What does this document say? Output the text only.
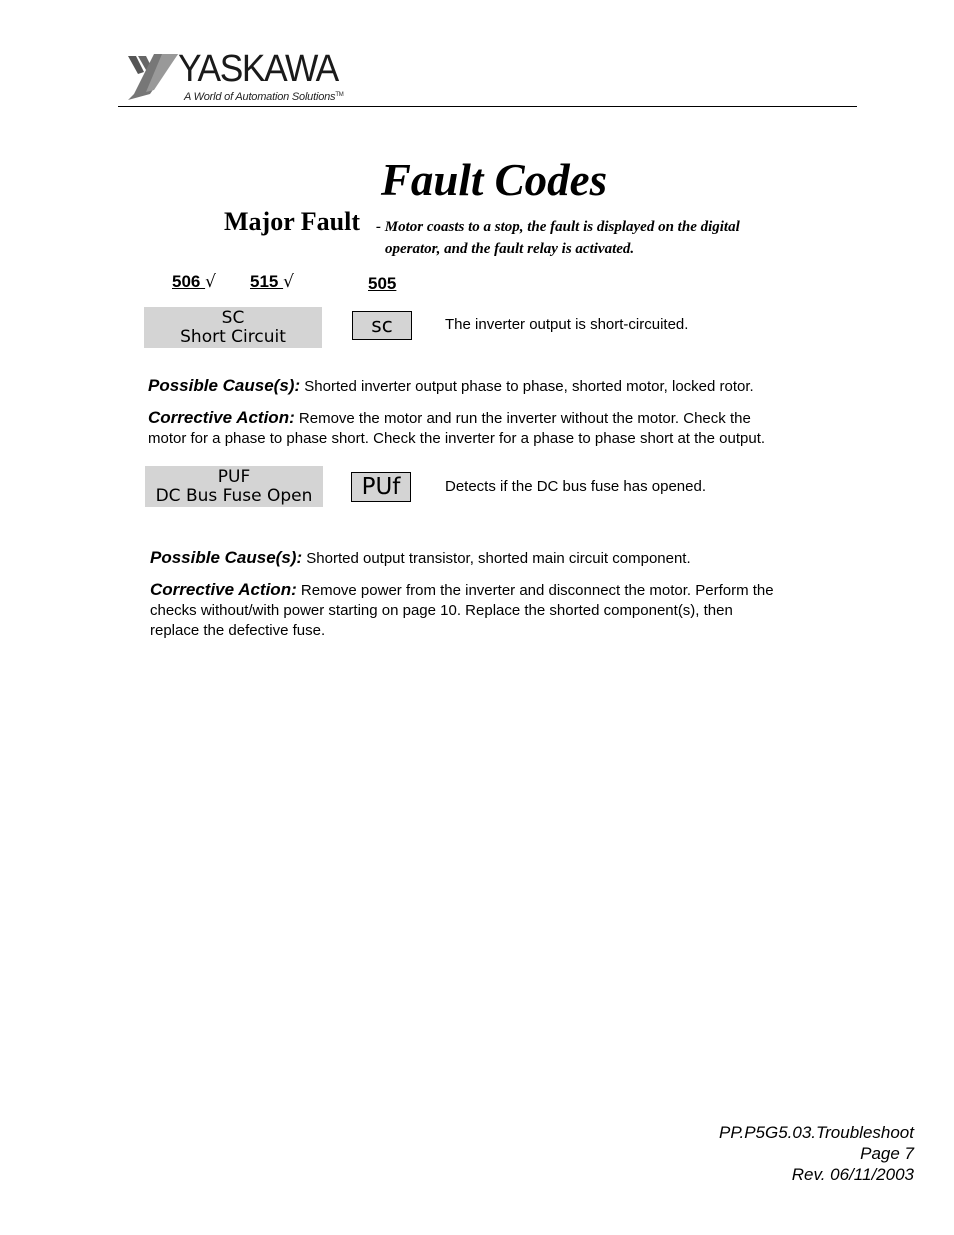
YASKAWA
A World of Automation Solutions™
Fault Codes
Major Fault - Motor coasts to a stop, the fault is displayed on the digital
operator, and the fault relay is activated.
506 √ 515 √	505
SC
Short Circuit	sc	The inverter output is short-circuited.
Possible Cause(s): Shorted inverter output phase to phase, shorted motor, locked rotor.
Corrective Action: Remove the motor and run the inverter without the motor. Check the
motor for a phase to phase short. Check the inverter for a phase to phase short at the output.
PUF
DC Bus Fuse Open	PUf	Detects if the DC bus fuse has opened.
Possible Cause(s): Shorted output transistor, shorted main circuit component.
Corrective Action: Remove power from the inverter and disconnect the motor. Perform the
checks without/with power starting on page 10. Replace the shorted component(s), then
replace the defective fuse.
PP.P5G5.03.Troubleshoot
Page 7
Rev. 06/11/2003
